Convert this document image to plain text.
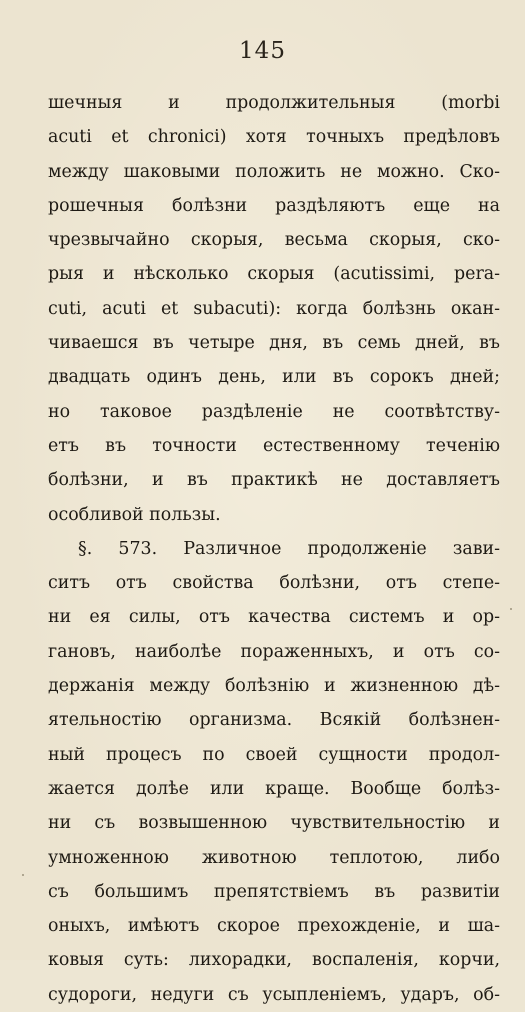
145
шечныя и продолжительныя (morbi
acuti et chronici) хотя точныхъ предѣловъ
между шаковыми положить не можно. Ско-
рошечныя болѣзни раздѣляютъ еще на
чрезвычайно скорыя, весьма скорыя, ско-
рыя и нѣсколько скорыя (acutissimi, pera-
cuti, acuti et subacuti): когда болѣзнь окан-
чиваешся въ четыре дня, въ семь дней, въ
двадцать одинъ день, или въ сорокъ дней;
но таковое раздѣленіе не соотвѣтству-
етъ въ точности естественному теченію
болѣзни, и въ практикѣ не доставляетъ
особливой пользы.
§. 573. Различное продолженіе зави-
ситъ отъ свойства болѣзни, отъ степе-
ни ея силы, отъ качества системъ и ор-
гановъ, наиболѣе пораженныхъ, и отъ со-
держанія между болѣзнію и жизненною дѣ-
ятельностію организма. Всякій болѣзнен-
ный процесъ по своей сущности продол-
жается долѣе или краще. Вообще болѣз-
ни съ возвышенною чувствительностію и
умноженною животною теплотою, либо
съ большимъ препятствіемъ въ развитіи
оныхъ, имѣютъ скорое прехожденіе, и ша-
ковыя суть: лихорадки, воспаленія, корчи,
судороги, недуги съ усыпленіемъ, ударъ, об-
